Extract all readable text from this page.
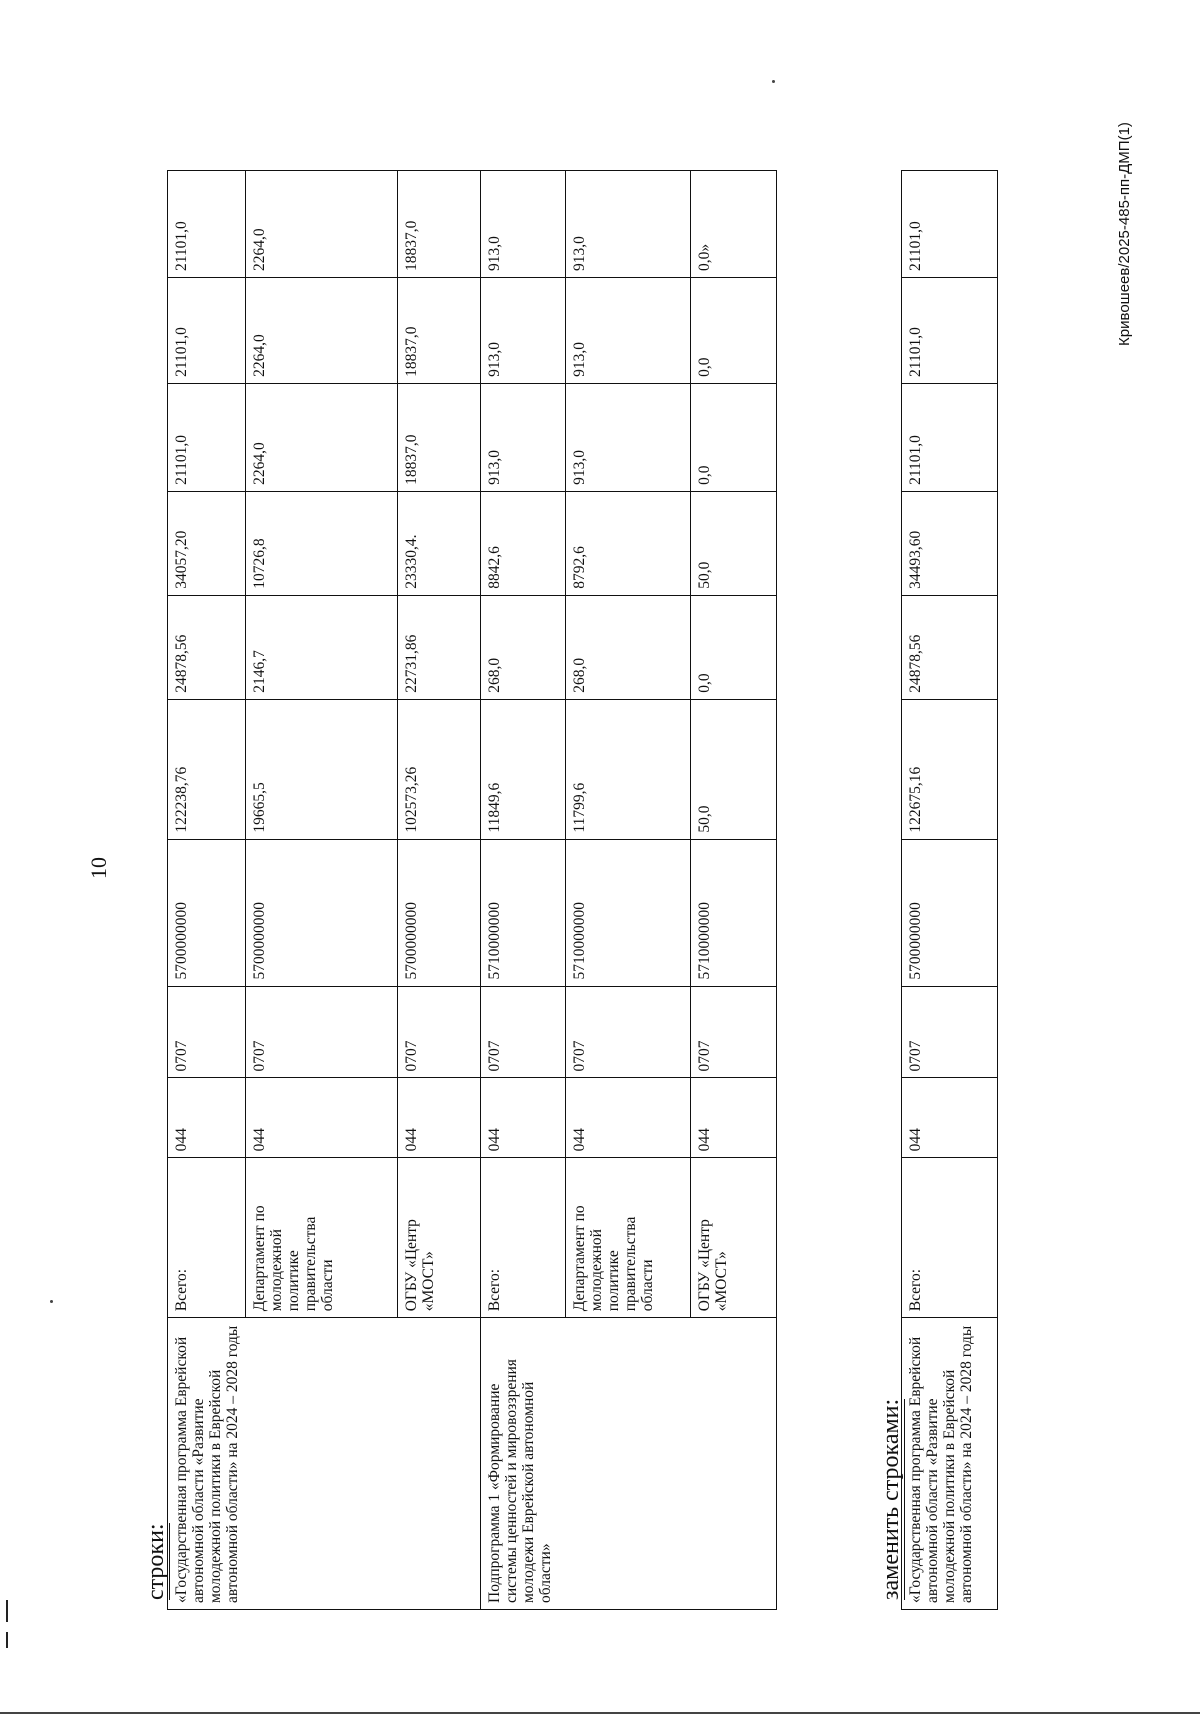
10
Кривошеев/2025-485-пп-ДМП(1)
строки: «Государственная программа Еврейской автономной области «Развитие молодежной политики в Еврейской автономной области» на 2024 – 2028 годы	Всего:	044	0707	5700000000	122238,76	24878,56	34057,20	21101,0	21101,0	21101,0
	Департамент по молодежной политике правительства области	044	0707	5700000000	19665,5	2146,7	10726,8	2264,0	2264,0	2264,0
	ОГБУ «Центр «МОСТ»	044	0707	5700000000	102573,26	22731,86	23330,4.	18837,0	18837,0	18837,0
Подпрограмма 1 «Формирование системы ценностей и мировоззрения молодежи Еврейской автономной области»	Всего:	044	0707	5710000000	11849,6	268,0	8842,6	913,0	913,0	913,0
	Департамент по молодежной политике правительства области	044	0707	5710000000	11799,6	268,0	8792,6	913,0	913,0	913,0
	ОГБУ «Центр «МОСТ»	044	0707	5710000000	50,0	0,0	50,0	0,0	0,0	0,0»
заменить строками: «Государственная программа Еврейской автономной области «Развитие молодежной политики в Еврейской автономной области» на 2024 – 2028 годы	Всего:	044	0707	5700000000	122675,16	24878,56	34493,60	21101,0	21101,0	21101,0
